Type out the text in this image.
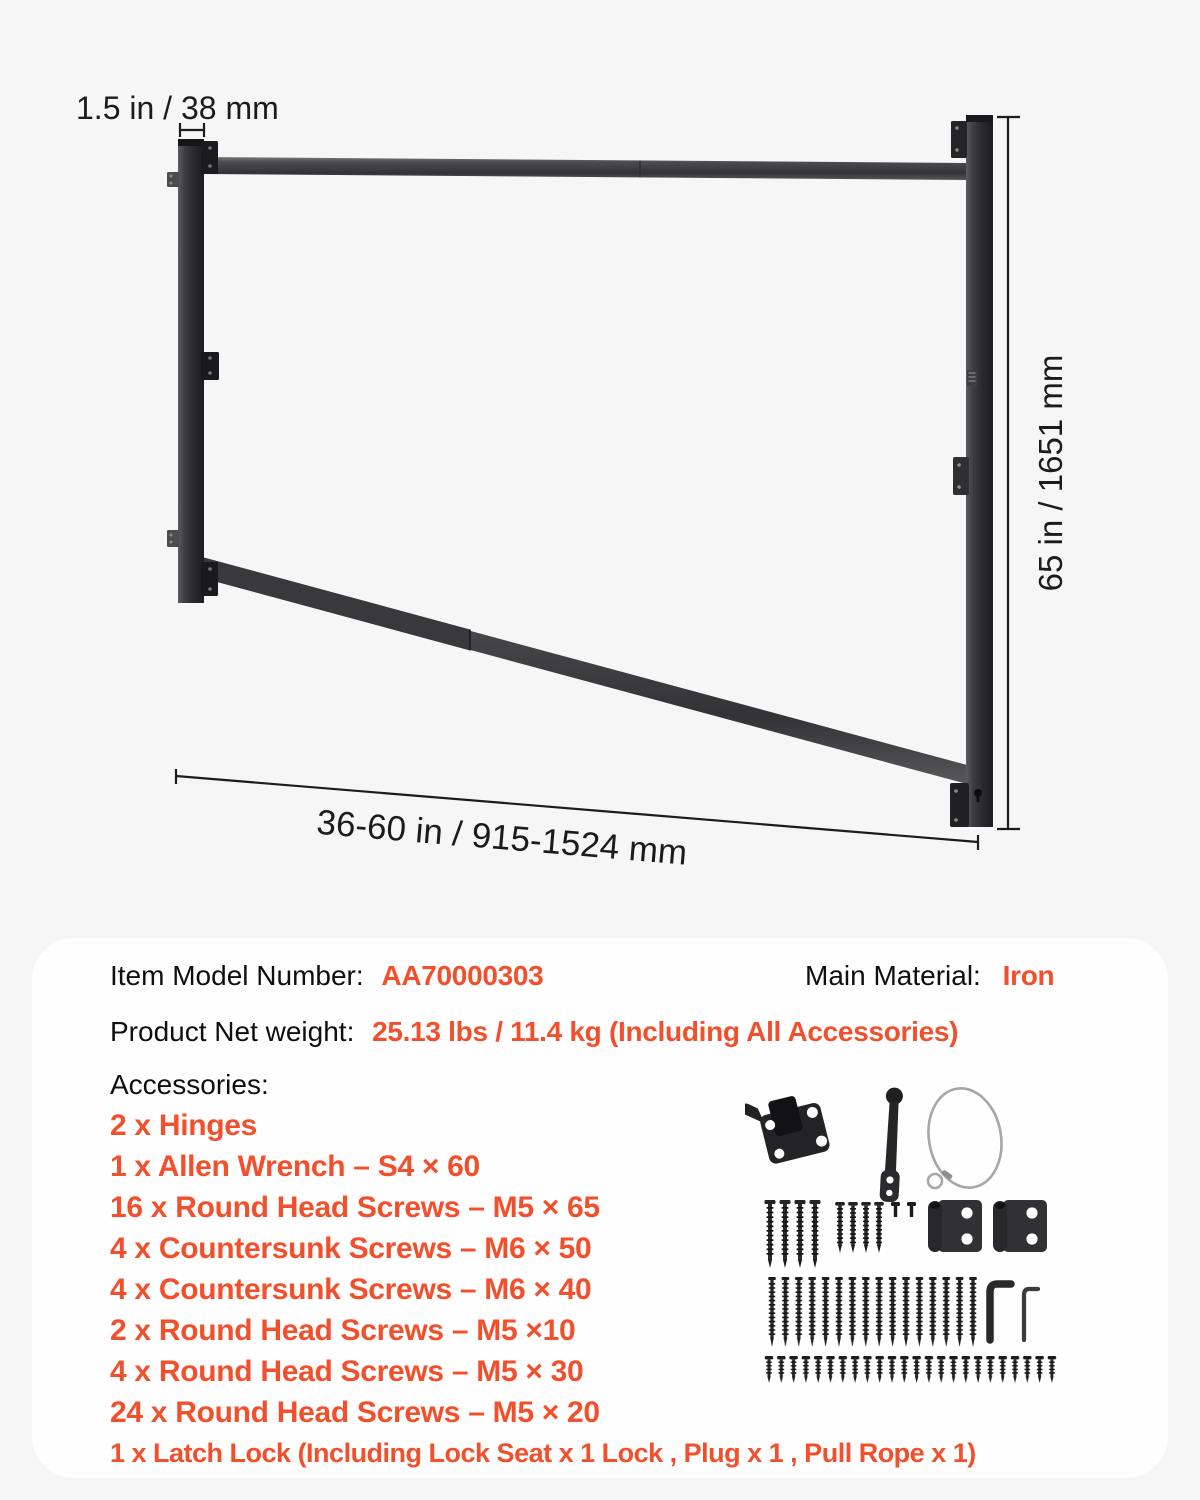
1.5 in / 38 mm
65 in / 1651 mm
36-60 in / 915-1524 mm
Item Model Number: AA70000303	Main Material: Iron
Product Net weight: 25.13 lbs / 11.4 kg (Including All Accessories)
Accessories:
2 x Hinges
1 x Allen Wrench – S4 × 60
16 x Round Head Screws – M5 × 65
4 x Countersunk Screws – M6 × 50
4 x Countersunk Screws – M6 × 40
2 x Round Head Screws – M5 ×10
4 x Round Head Screws – M5 × 30
24 x Round Head Screws – M5 × 20
1 x Latch Lock (Including Lock Seat x 1 Lock , Plug x 1 , Pull Rope x 1)
